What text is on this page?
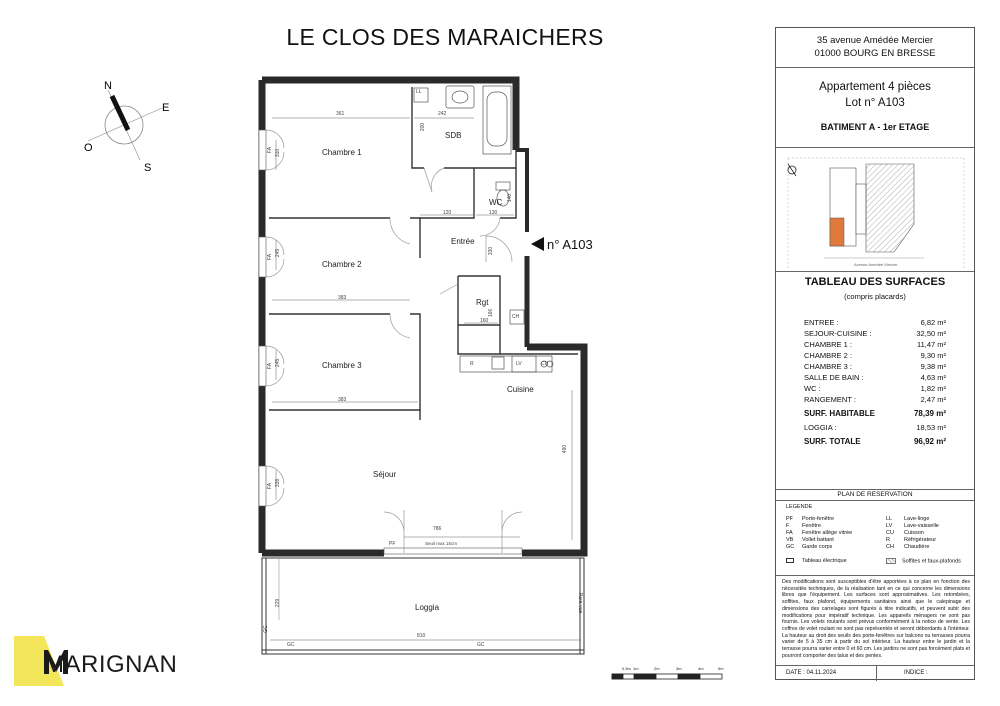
LE CLOS DES MARAICHERS
N
E
S
O	Chambre 1
Chambre 2
Chambre 3
SDB
WC
Entrée
Rgt
Cuisine
Séjour
Loggia
361	242
200
120	130
140
310
245
245
338
383
383
330
166
160
490
786
810
229
LL
CH
R	LV	CU
FA
FA
FA
FA
PF	Seuil max 15cm
GC	GC
GC
Pare-vue
n° A103
0.5m 1m	2m	3m	4m	5m
MARIGNAN
35 avenue Amédée Mercier
01000 BOURG EN BRESSE
Appartement 4 pièces
Lot n° A103
BATIMENT A - 1er ETAGE
Avenue Amédée Mercier
TABLEAU DES SURFACES
(compris placards)
ENTREE :	6,82 m²
SEJOUR-CUISINE :	32,50 m²
CHAMBRE 1 :	11,47 m²
CHAMBRE 2 :	9,30 m²
CHAMBRE 3 :	9,38 m²
SALLE DE BAIN :	4,63 m²
WC :	1,82 m²
RANGEMENT :	2,47 m²
SURF. HABITABLE	78,39 m²
LOGGIA :	18,53 m²
SURF. TOTALE	96,92 m²
PLAN DE RESERVATION
LEGENDE
PF Porte-fenêtre
F Fenêtre
FA Fenêtre allège vitrée
VB Vollet battant
GC Garde corps
LL Lave-linge
LV Lave-vaisselle
CU Cuisson
R	Réfrigérateur
CH Chaudière
Tableau électrique	Soffites et faux-plafonds
Des modifications sont susceptibles d'être apportées à ce plan en fonction des nécessités techniques, de la réalisation tant en ce qui concerne les dimensions libres que l'équipement. Les surfaces sont approximatives. Les retombées, soffites, faux plafond, équipements sanitaires ainsi que le calepinage et dimensions des carrelages sont figurés à titre indicatifs, et peuvent subir des modifications pour impératif technique. Les appareils ménagers ne sont pas fournis. Les volets roulants sont prévus conformément à la notice de vente. Les coffres de volet roulant ne sont pas représentés et seront débordants à l'intérieur. La hauteur au droit des seuils des porte-fenêtres sur balcons ou terrasses pourra varier de 5 à 35 cm à partir du sol intérieur. La hauteur entre le jardin et la terrasse pourra varier entre 0 et 60 cm. Les jardins ne sont pas forcément plats et pourront comporter des talus et des pentes.
DATE : 04.11.2024	INDICE :
